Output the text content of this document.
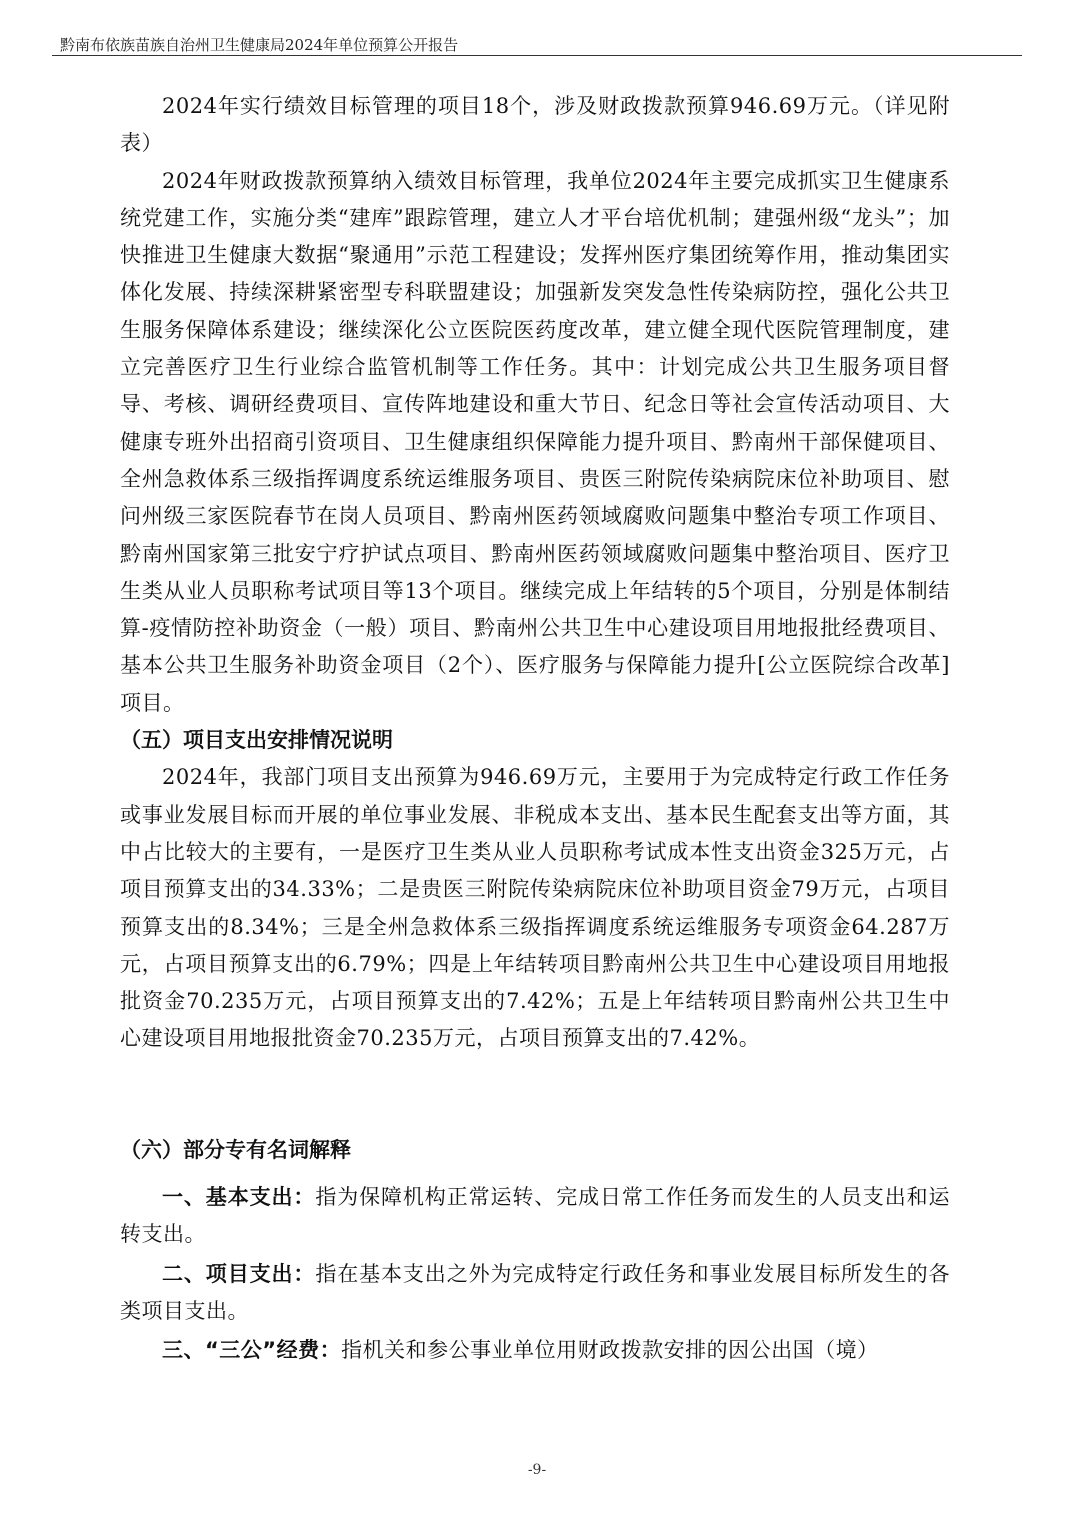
黔南布依族苗族自治州卫生健康局2024年单位预算公开报告

2024年实行绩效目标管理的项目18个，涉及财政拨款预算946.69万元。（详见附表）

2024年财政拨款预算纳入绩效目标管理，我单位2024年主要完成抓实卫生健康系统党建工作，实施分类“建库”跟踪管理，建立人才平台培优机制；建强州级“龙头”；加快推进卫生健康大数据“聚通用”示范工程建设；发挥州医疗集团统筹作用，推动集团实体化发展、持续深耕紧密型专科联盟建设；加强新发突发急性传染病防控，强化公共卫生服务保障体系建设；继续深化公立医院医药度改革，建立健全现代医院管理制度，建立完善医疗卫生行业综合监管机制等工作任务。其中：计划完成公共卫生服务项目督导、考核、调研经费项目、宣传阵地建设和重大节日、纪念日等社会宣传活动项目、大健康专班外出招商引资项目、卫生健康组织保障能力提升项目、黔南州干部保健项目、全州急救体系三级指挥调度系统运维服务项目、贵医三附院传染病院床位补助项目、慰问州级三家医院春节在岗人员项目、黔南州医药领域腐败问题集中整治专项工作项目、黔南州国家第三批安宁疗护试点项目、黔南州医药领域腐败问题集中整治项目、医疗卫生类从业人员职称考试项目等13个项目。继续完成上年结转的5个项目，分别是体制结算-疫情防控补助资金（一般）项目、黔南州公共卫生中心建设项目用地报批经费项目、基本公共卫生服务补助资金项目（2个）、医疗服务与保障能力提升[公立医院综合改革]项目。

（五）项目支出安排情况说明

2024年，我部门项目支出预算为946.69万元，主要用于为完成特定行政工作任务或事业发展目标而开展的单位事业发展、非税成本支出、基本民生配套支出等方面，其中占比较大的主要有，一是医疗卫生类从业人员职称考试成本性支出资金325万元，占项目预算支出的34.33%；二是贵医三附院传染病院床位补助项目资金79万元，占项目预算支出的8.34%；三是全州急救体系三级指挥调度系统运维服务专项资金64.287万元，占项目预算支出的6.79%；四是上年结转项目黔南州公共卫生中心建设项目用地报批资金70.235万元，占项目预算支出的7.42%；五是上年结转项目黔南州公共卫生中心建设项目用地报批资金70.235万元，占项目预算支出的7.42%。

（六）部分专有名词解释

一、基本支出：指为保障机构正常运转、完成日常工作任务而发生的人员支出和运转支出。

二、项目支出：指在基本支出之外为完成特定行政任务和事业发展目标所发生的各类项目支出。

三、“三公”经费：指机关和参公事业单位用财政拨款安排的因公出国（境）

-9-
